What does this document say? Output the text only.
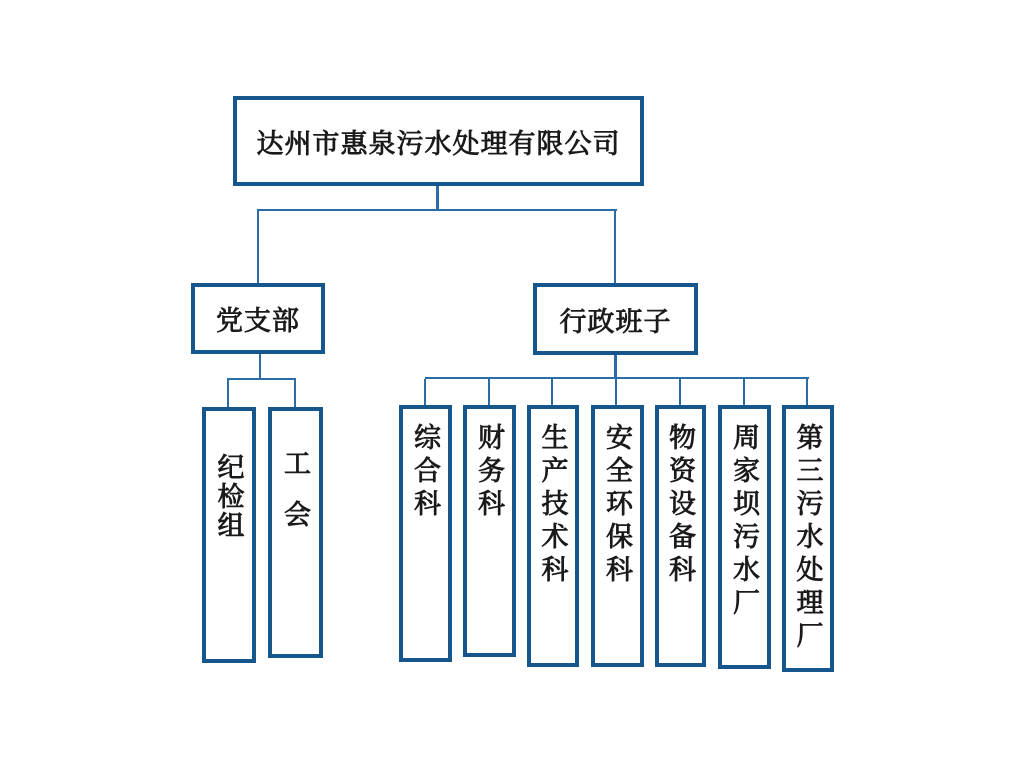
达州市惠泉污水处理有限公司
党支部	行政班子
纪检组 工会	综合科 财务科 生产技术科 安全环保科 物资设备科 周家坝污水厂 第三污水处理厂
